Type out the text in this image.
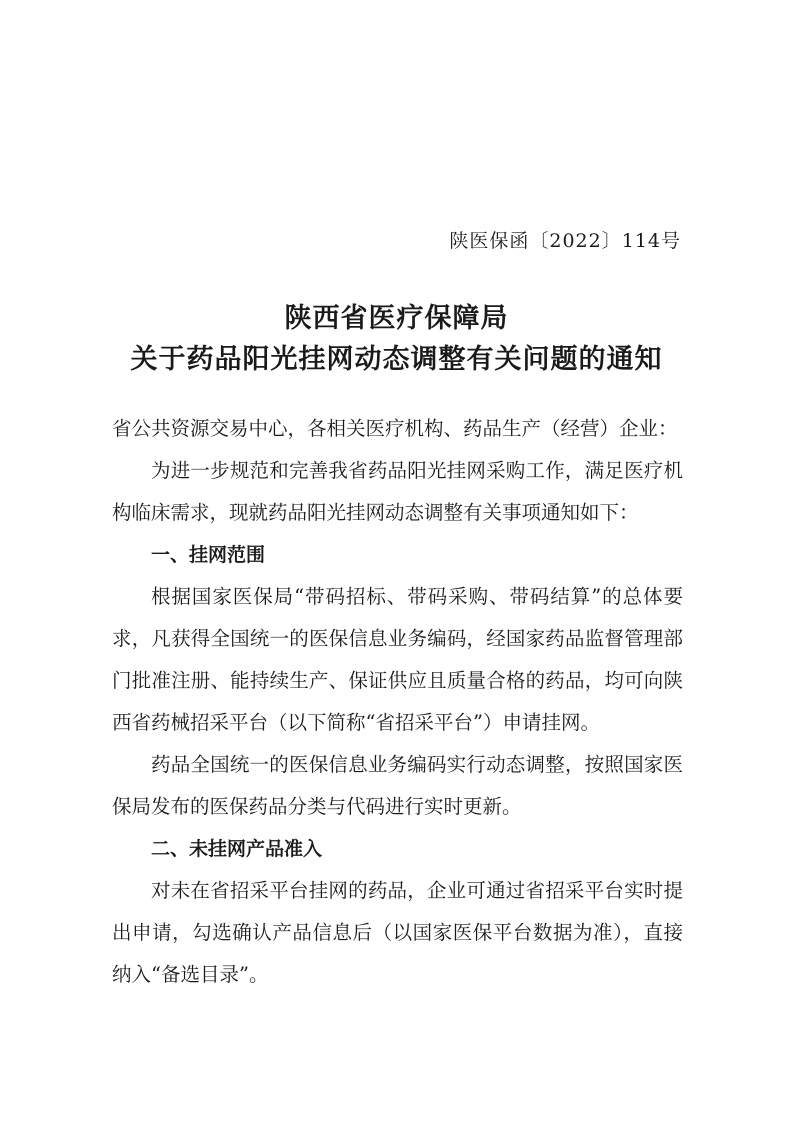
陕医保函〔2022〕114号
陕西省医疗保障局
关于药品阳光挂网动态调整有关问题的通知

省公共资源交易中心，各相关医疗机构、药品生产（经营）企业：

为进一步规范和完善我省药品阳光挂网采购工作，满足医疗机构临床需求，现就药品阳光挂网动态调整有关事项通知如下：

一、挂网范围

根据国家医保局“带码招标、带码采购、带码结算”的总体要求，凡获得全国统一的医保信息业务编码，经国家药品监督管理部门批准注册、能持续生产、保证供应且质量合格的药品，均可向陕西省药械招采平台（以下简称“省招采平台”）申请挂网。

药品全国统一的医保信息业务编码实行动态调整，按照国家医保局发布的医保药品分类与代码进行实时更新。

二、未挂网产品准入

对未在省招采平台挂网的药品，企业可通过省招采平台实时提出申请，勾选确认产品信息后（以国家医保平台数据为准），直接纳入“备选目录”。
